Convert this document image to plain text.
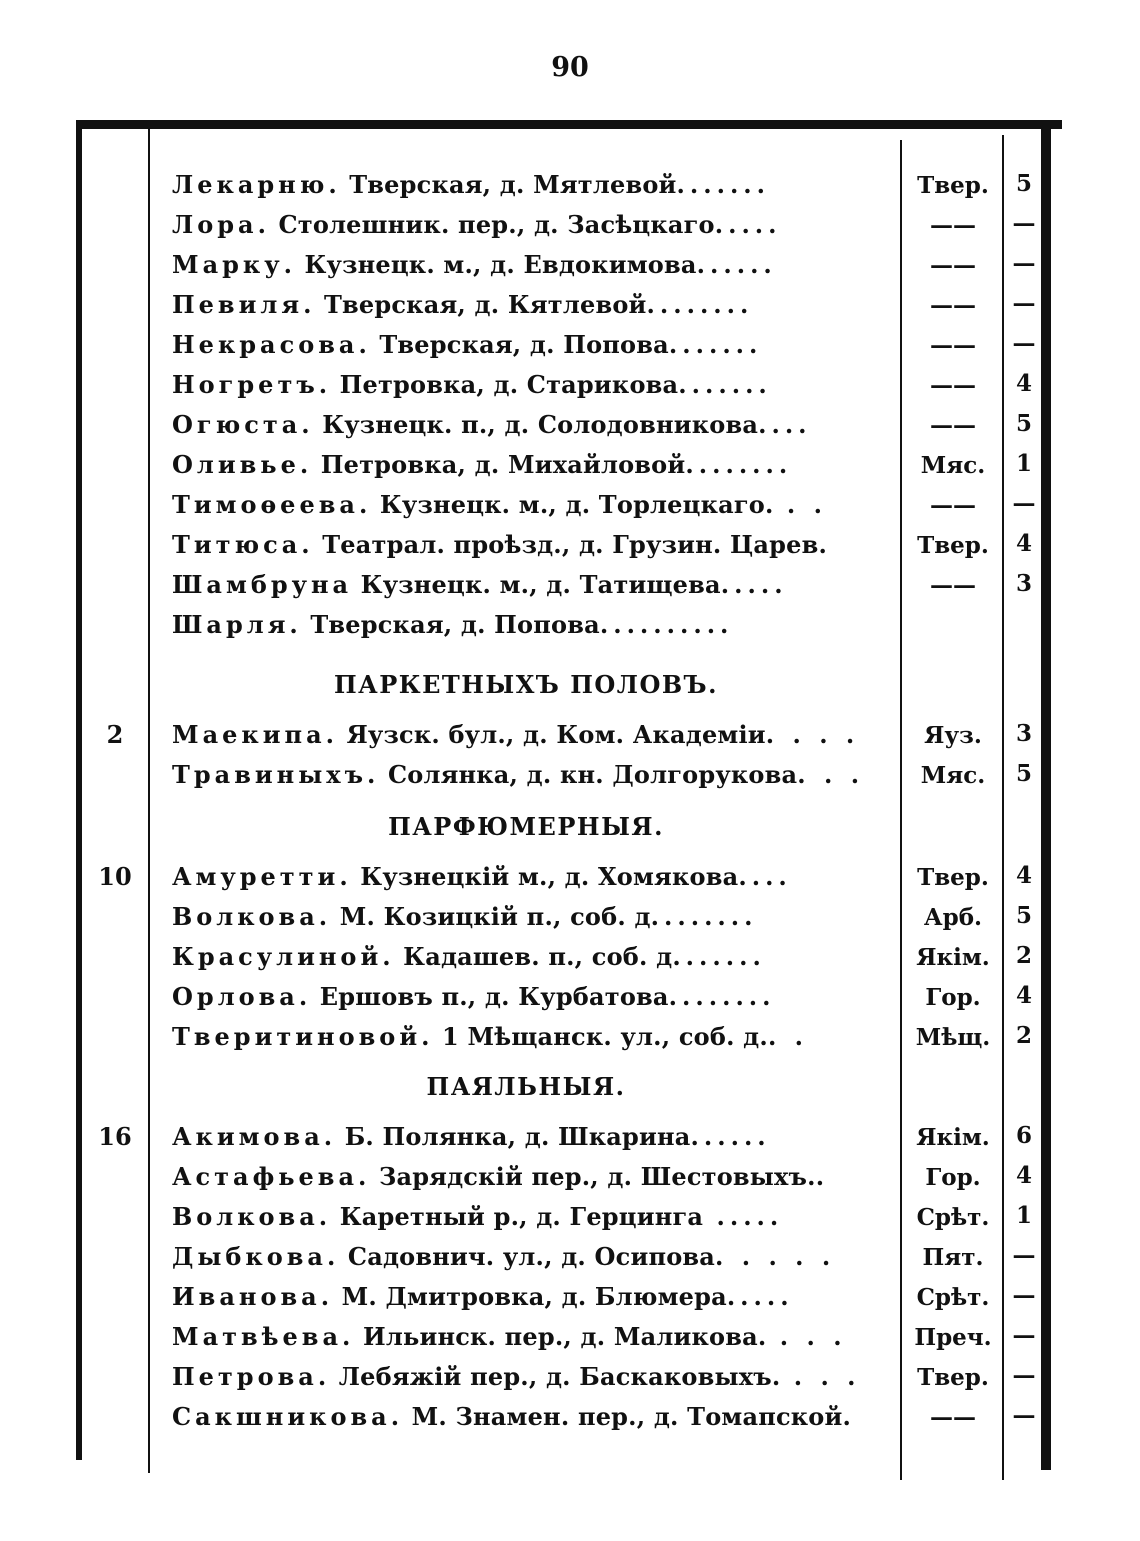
90
Лекарню. Тверская, д. Мятлевой.......	Твер.	5
Лора. Столешник. пер., д. Засѣцкаго.....	——	—
Марку. Кузнецк. м., д. Евдокимова......	——	—
Певиля. Тверская, д. Кятлевой........	——	—
Некрасова. Тверская, д. Попова.......	——	—
Ногретъ. Петровка, д. Старикова.......	——	4
Огюста. Кузнецк. п., д. Солодовникова....	——	5
Оливье. Петровка, д. Михайловой........	Мяс.	1
Тимоѳеева. Кузнецк. м., д. Торлецкаго. . .	——	—
Титюса. Театрал. проѣзд., д. Грузин. Царев.	Твер.	4
Шамбруна Кузнецк. м., д. Татищева.....	——	3
Шарля. Тверская, д. Попова..........
ПАРКЕТНЫХЪ ПОЛОВЪ.
2	Маекипа. Яузск. бул., д. Ком. Академіи. . . .	Яуз.	3
Травиныхъ. Солянка, д. кн. Долгорукова. . .	Мяс.	5
ПАРФЮМЕРНЫЯ.
10	Амуретти. Кузнецкій м., д. Хомякова....	Твер.	4
Волкова. М. Козицкій п., соб. д........	Арб.	5
Красулиной. Кадашев. п., соб. д.......	Якім.	2
Орлова. Ершовъ п., д. Курбатова........	Гор.	4
Тверитиновой. 1 Мѣщанск. ул., соб. д.. .	Мѣщ.	2
ПАЯЛЬНЫЯ.
16	Акимова. Б. Полянка, д. Шкарина......	Якім.	6
Астафьева. Зарядскій пер., д. Шестовыхъ..	Гор.	4
Волкова. Каретный р., д. Герцинга .....	Срѣт.	1
Дыбкова. Садовнич. ул., д. Осипова. . . . .	Пят.	—
Иванова. М. Дмитровка, д. Блюмера.....	Срѣт.	—
Матвѣева. Ильинск. пер., д. Маликова. . . .	Преч. —
Петрова. Лебяжій пер., д. Баскаковыхъ. . . .	Твер.	—
Сакшникова. М. Знамен. пер., д. Томапской.	——	—
